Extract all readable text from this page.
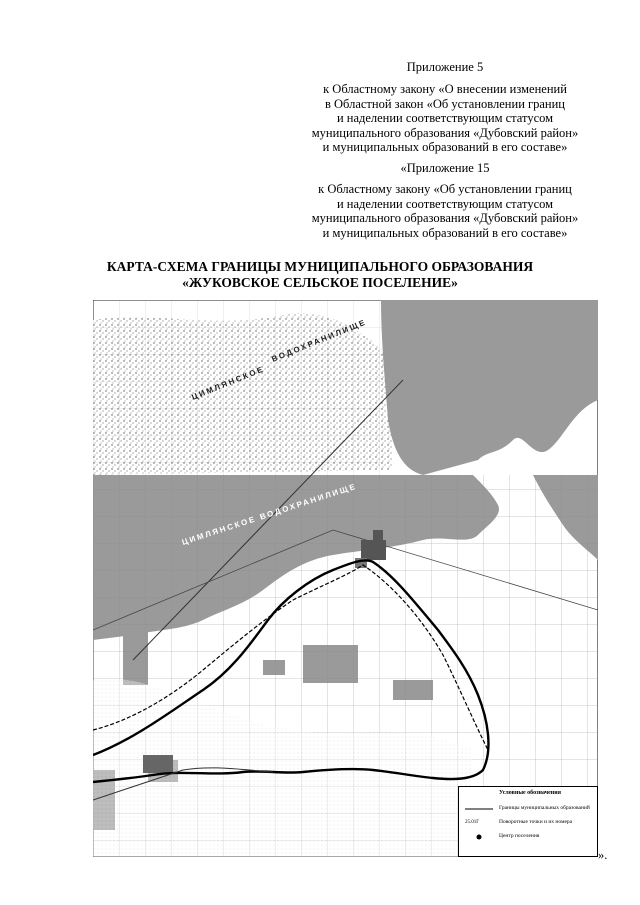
Приложение 5
к Областному закону «О внесении изменений
в Областной закон «Об установлении границ
и наделении соответствующим статусом
муниципального образования «Дубовский район»
и муниципальных образований в его составе»
«Приложение 15
к Областному закону «Об установлении границ
и наделении соответствующим статусом
муниципального образования «Дубовский район»
и муниципальных образований в его составе»
КАРТА-СХЕМА ГРАНИЦЫ МУНИЦИПАЛЬНОГО ОБРАЗОВАНИЯ
«ЖУКОВСКОЕ СЕЛЬСКОЕ ПОСЕЛЕНИЕ»
ЦИМЛЯНСКОЕ
ВОДОХРАНИЛИЩЕ
ЦИМЛЯНСКОЕ ВОДОХРАНИЛИЩЕ
Условные обозначения
Границы муниципальных образований
25.01Г	Поворотные точки и их номера
Центр поселения
».
